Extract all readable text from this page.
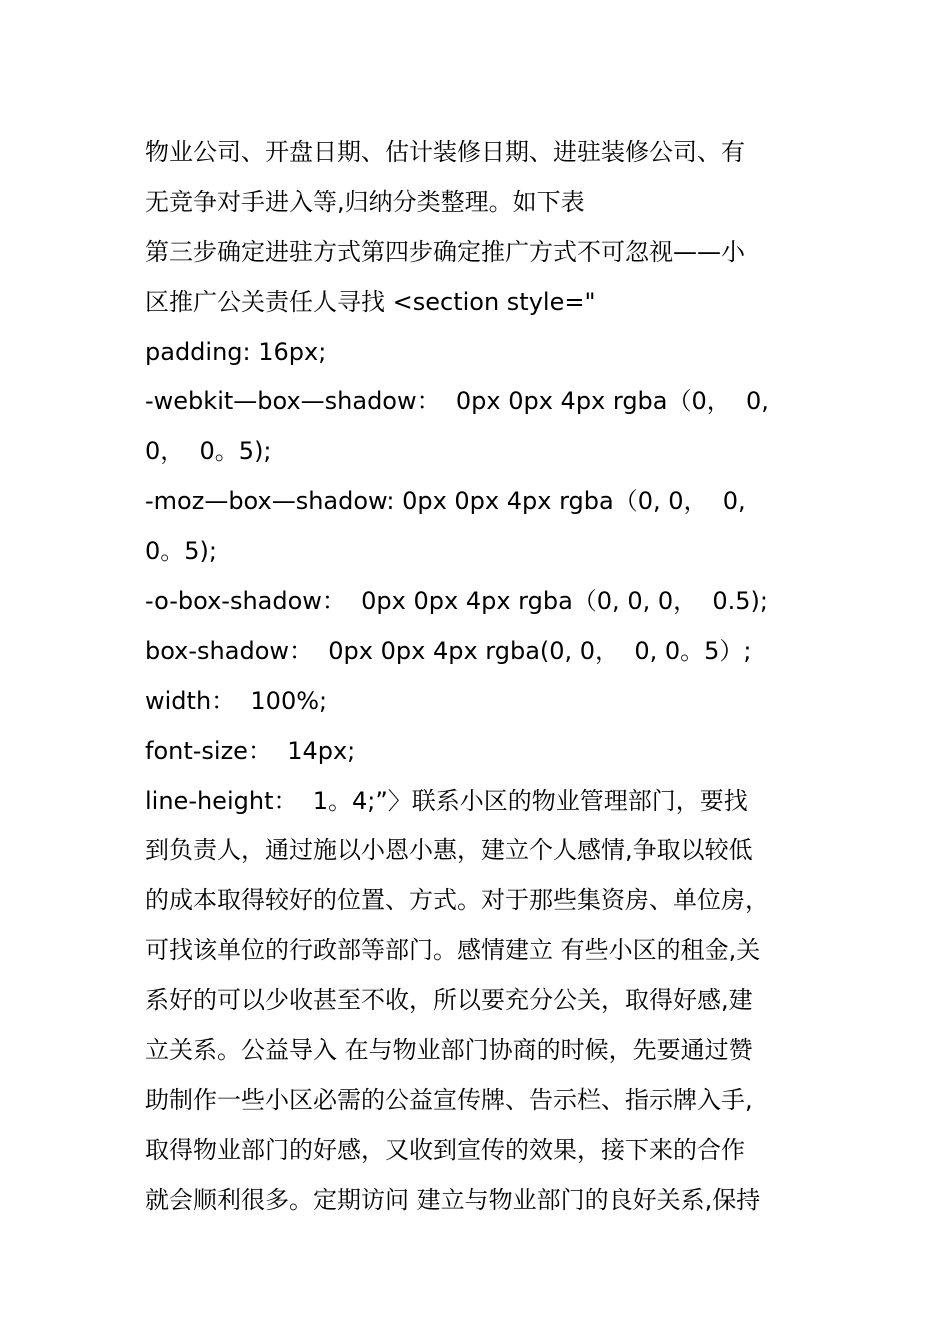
物业公司、开盘日期、估计装修日期、进驻装修公司、有
无竞争对手进入等,归纳分类整理。如下表
第三步确定进驻方式第四步确定推广方式不可忽视——小
区推广公关责任人寻找 <section style="
padding: 16px;
-webkit—box—shadow：  0px 0px 4px rgba（0，  0,
0，  0。5);
-moz—box—shadow: 0px 0px 4px rgba（0, 0，  0,
0。5);
-o-box-shadow：  0px 0px 4px rgba（0, 0, 0，  0.5);
box-shadow：  0px 0px 4px rgba(0, 0，  0, 0。5）;
width：  100%;
font-size：  14px;
line-height：  1。4;”〉联系小区的物业管理部门，要找
到负责人，通过施以小恩小惠，建立个人感情,争取以较低
的成本取得较好的位置、方式。对于那些集资房、单位房，
可找该单位的行政部等部门。感情建立 有些小区的租金,关
系好的可以少收甚至不收，所以要充分公关，取得好感,建
立关系。公益导入 在与物业部门协商的时候，先要通过赞
助制作一些小区必需的公益宣传牌、告示栏、指示牌入手,
取得物业部门的好感，又收到宣传的效果，接下来的合作
就会顺利很多。定期访问 建立与物业部门的良好关系,保持
